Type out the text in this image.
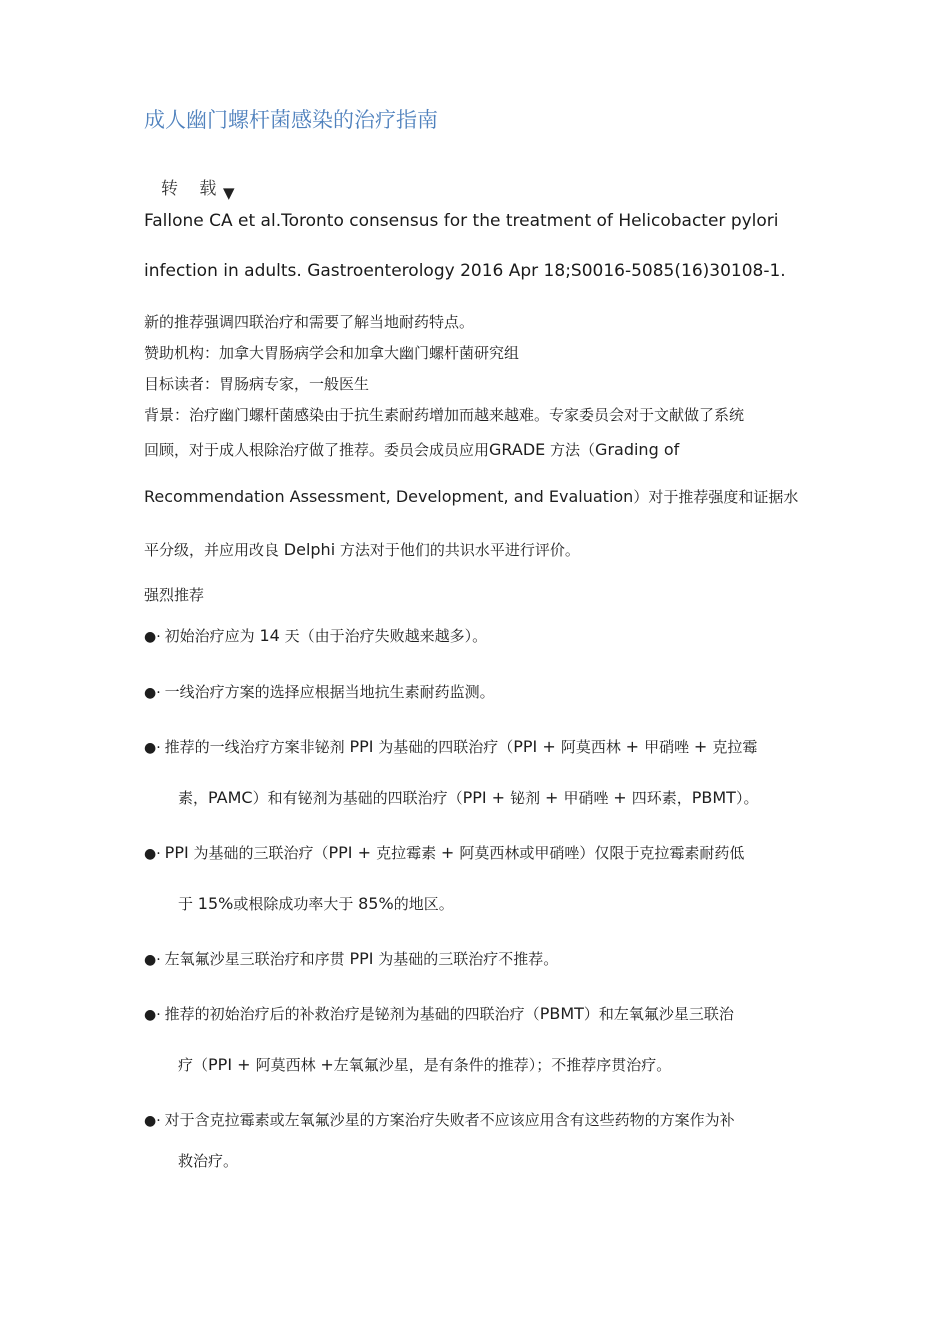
成人幽门螺杆菌感染的治疗指南
转 载
▼
Fallone CA et al.Toronto consensus for the treatment of Helicobacter pylori
infection in adults. Gastroenterology 2016 Apr 18;S0016-5085(16)30108-1.
新的推荐强调四联治疗和需要了解当地耐药特点。
赞助机构：加拿大胃肠病学会和加拿大幽门螺杆菌研究组
目标读者：胃肠病专家，一般医生
背景：治疗幽门螺杆菌感染由于抗生素耐药增加而越来越难。专家委员会对于文献做了系统
回顾，对于成人根除治疗做了推荐。委员会成员应用GRADE 方法（Grading of
Recommendation Assessment, Development, and Evaluation）对于推荐强度和证据水
平分级，并应用改良 Delphi 方法对于他们的共识水平进行评价。
强烈推荐
●· 初始治疗应为 14 天（由于治疗失败越来越多）。
●· 一线治疗方案的选择应根据当地抗生素耐药监测。
●· 推荐的一线治疗方案非铋剂 PPI 为基础的四联治疗（PPI + 阿莫西林 + 甲硝唑 + 克拉霉
素，PAMC）和有铋剂为基础的四联治疗（PPI + 铋剂 + 甲硝唑 + 四环素，PBMT）。
●· PPI 为基础的三联治疗（PPI + 克拉霉素 + 阿莫西林或甲硝唑）仅限于克拉霉素耐药低
于 15%或根除成功率大于 85%的地区。
●· 左氧氟沙星三联治疗和序贯 PPI 为基础的三联治疗不推荐。
●· 推荐的初始治疗后的补救治疗是铋剂为基础的四联治疗（PBMT）和左氧氟沙星三联治
疗（PPI + 阿莫西林 +左氧氟沙星，是有条件的推荐）；不推荐序贯治疗。
●· 对于含克拉霉素或左氧氟沙星的方案治疗失败者不应该应用含有这些药物的方案作为补
救治疗。
